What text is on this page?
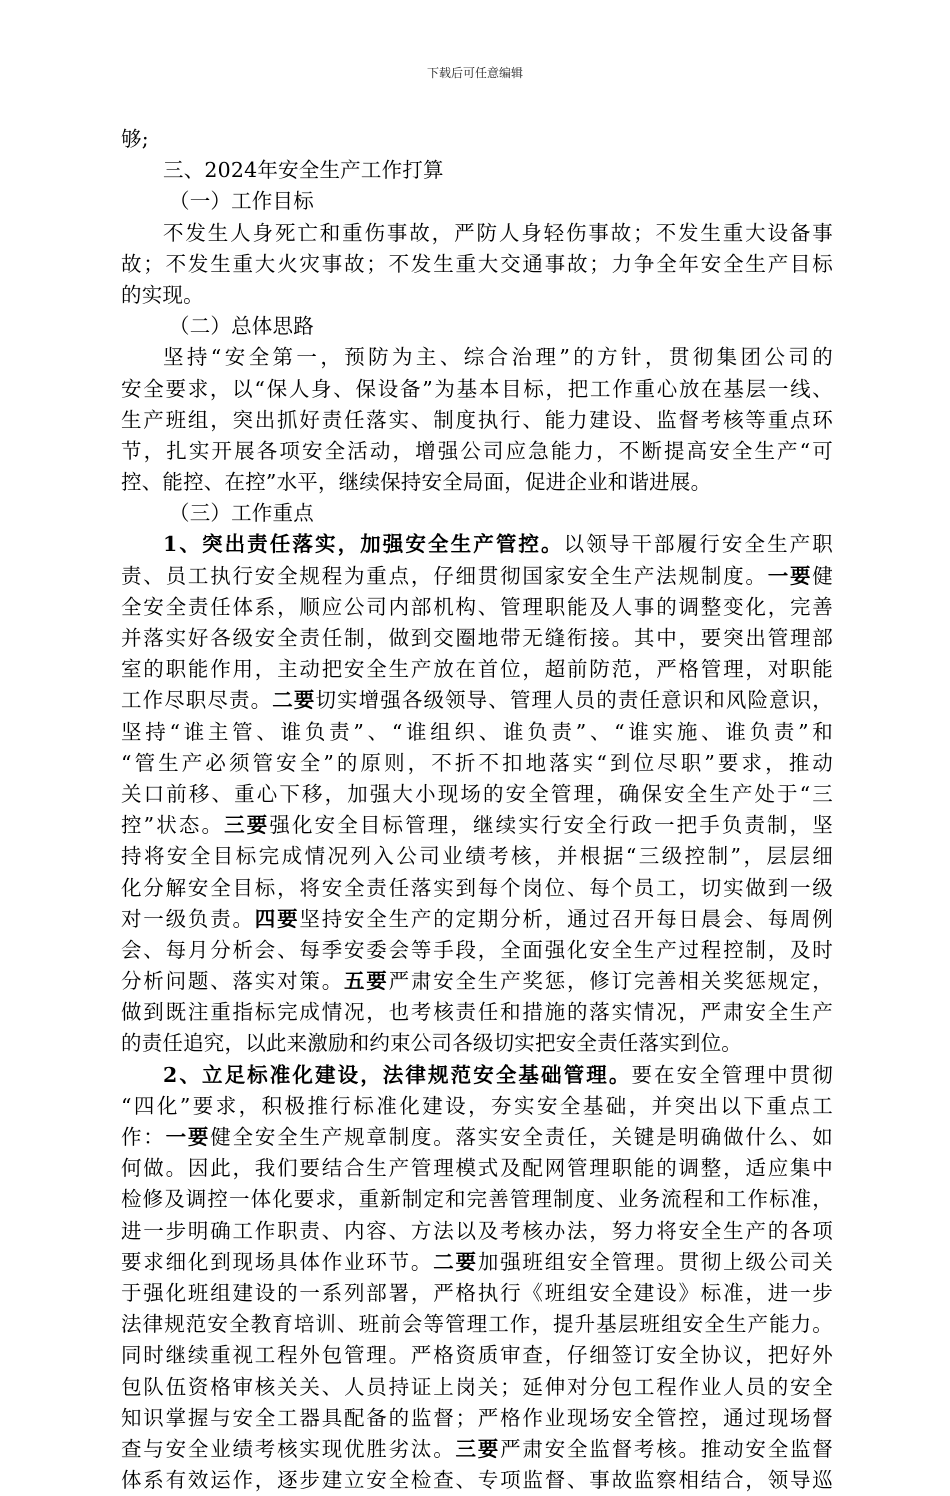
下载后可任意编辑
够;
三、2024年安全生产工作打算
（一）工作目标
不发生人身死亡和重伤事故，严防人身轻伤事故；不发生重大设备事
故；不发生重大火灾事故；不发生重大交通事故；力争全年安全生产目标
的实现。
（二）总体思路
坚持“安全第一，预防为主、综合治理”的方针，贯彻集团公司的
安全要求，以“保人身、保设备”为基本目标，把工作重心放在基层一线、
生产班组，突出抓好责任落实、制度执行、能力建设、监督考核等重点环
节，扎实开展各项安全活动，增强公司应急能力，不断提高安全生产“可
控、能控、在控”水平，继续保持安全局面，促进企业和谐进展。
（三）工作重点
1、突出责任落实，加强安全生产管控。以领导干部履行安全生产职
责、员工执行安全规程为重点，仔细贯彻国家安全生产法规制度。一要健
全安全责任体系，顺应公司内部机构、管理职能及人事的调整变化，完善
并落实好各级安全责任制，做到交圈地带无缝衔接。其中，要突出管理部
室的职能作用，主动把安全生产放在首位，超前防范，严格管理，对职能
工作尽职尽责。二要切实增强各级领导、管理人员的责任意识和风险意识，
坚持“谁主管、谁负责”、“谁组织、谁负责”、“谁实施、谁负责”和
“管生产必须管安全”的原则，不折不扣地落实“到位尽职”要求，推动
关口前移、重心下移，加强大小现场的安全管理，确保安全生产处于“三
控”状态。三要强化安全目标管理，继续实行安全行政一把手负责制，坚
持将安全目标完成情况列入公司业绩考核，并根据“三级控制”，层层细
化分解安全目标，将安全责任落实到每个岗位、每个员工，切实做到一级
对一级负责。四要坚持安全生产的定期分析，通过召开每日晨会、每周例
会、每月分析会、每季安委会等手段，全面强化安全生产过程控制，及时
分析问题、落实对策。五要严肃安全生产奖惩，修订完善相关奖惩规定，
做到既注重指标完成情况，也考核责任和措施的落实情况，严肃安全生产
的责任追究，以此来激励和约束公司各级切实把安全责任落实到位。
2、立足标准化建设，法律规范安全基础管理。要在安全管理中贯彻
“四化”要求，积极推行标准化建设，夯实安全基础，并突出以下重点工
作：一要健全安全生产规章制度。落实安全责任，关键是明确做什么、如
何做。因此，我们要结合生产管理模式及配网管理职能的调整，适应集中
检修及调控一体化要求，重新制定和完善管理制度、业务流程和工作标准，
进一步明确工作职责、内容、方法以及考核办法，努力将安全生产的各项
要求细化到现场具体作业环节。二要加强班组安全管理。贯彻上级公司关
于强化班组建设的一系列部署，严格执行《班组安全建设》标准，进一步
法律规范安全教育培训、班前会等管理工作，提升基层班组安全生产能力。
同时继续重视工程外包管理。严格资质审查，仔细签订安全协议，把好外
包队伍资格审核关关、人员持证上岗关；延伸对分包工程作业人员的安全
知识掌握与安全工器具配备的监督；严格作业现场安全管控，通过现场督
查与安全业绩考核实现优胜劣汰。三要严肃安全监督考核。推动安全监督
体系有效运作，逐步建立安全检查、专项监督、事故监察相结合，领导巡
